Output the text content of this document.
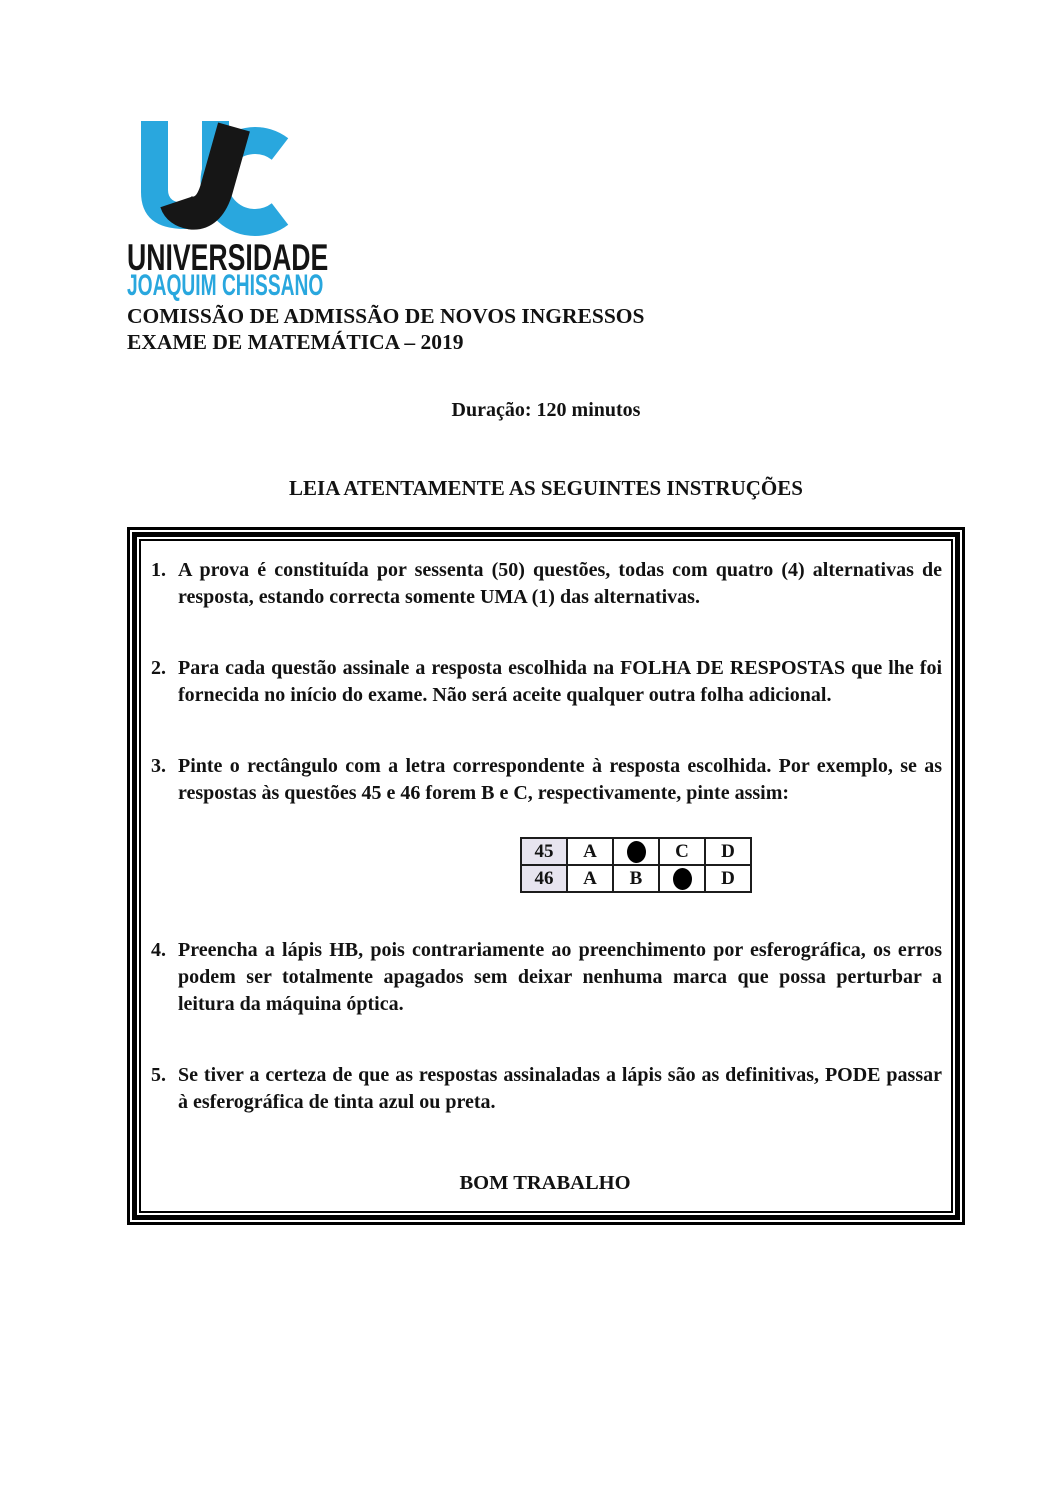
UNIVERSIDADE
JOAQUIM CHISSANO
COMISSÃO DE ADMISSÃO DE NOVOS INGRESSOS
EXAME DE MATEMÁTICA – 2019
Duração: 120 minutos
LEIA ATENTAMENTE AS SEGUINTES INSTRUÇÕES
1. A prova é constituída por sessenta (50) questões, todas com quatro (4) alternativas de resposta, estando correcta somente UMA (1) das alternativas.
2. Para cada questão assinale a resposta escolhida na FOLHA DE RESPOSTAS que lhe foi fornecida no início do exame. Não será aceite qualquer outra folha adicional.
3. Pinte o rectângulo com a letra correspondente à resposta escolhida. Por exemplo, se as respostas às questões 45 e 46 forem B e C, respectivamente, pinte assim:
45	A		C	D
46	A	B		D
4. Preencha a lápis HB, pois contrariamente ao preenchimento por esferográfica, os erros podem ser totalmente apagados sem deixar nenhuma marca que possa perturbar a leitura da máquina óptica.
5. Se tiver a certeza de que as respostas assinaladas a lápis são as definitivas, PODE passar à esferográfica de tinta azul ou preta.
BOM TRABALHO
